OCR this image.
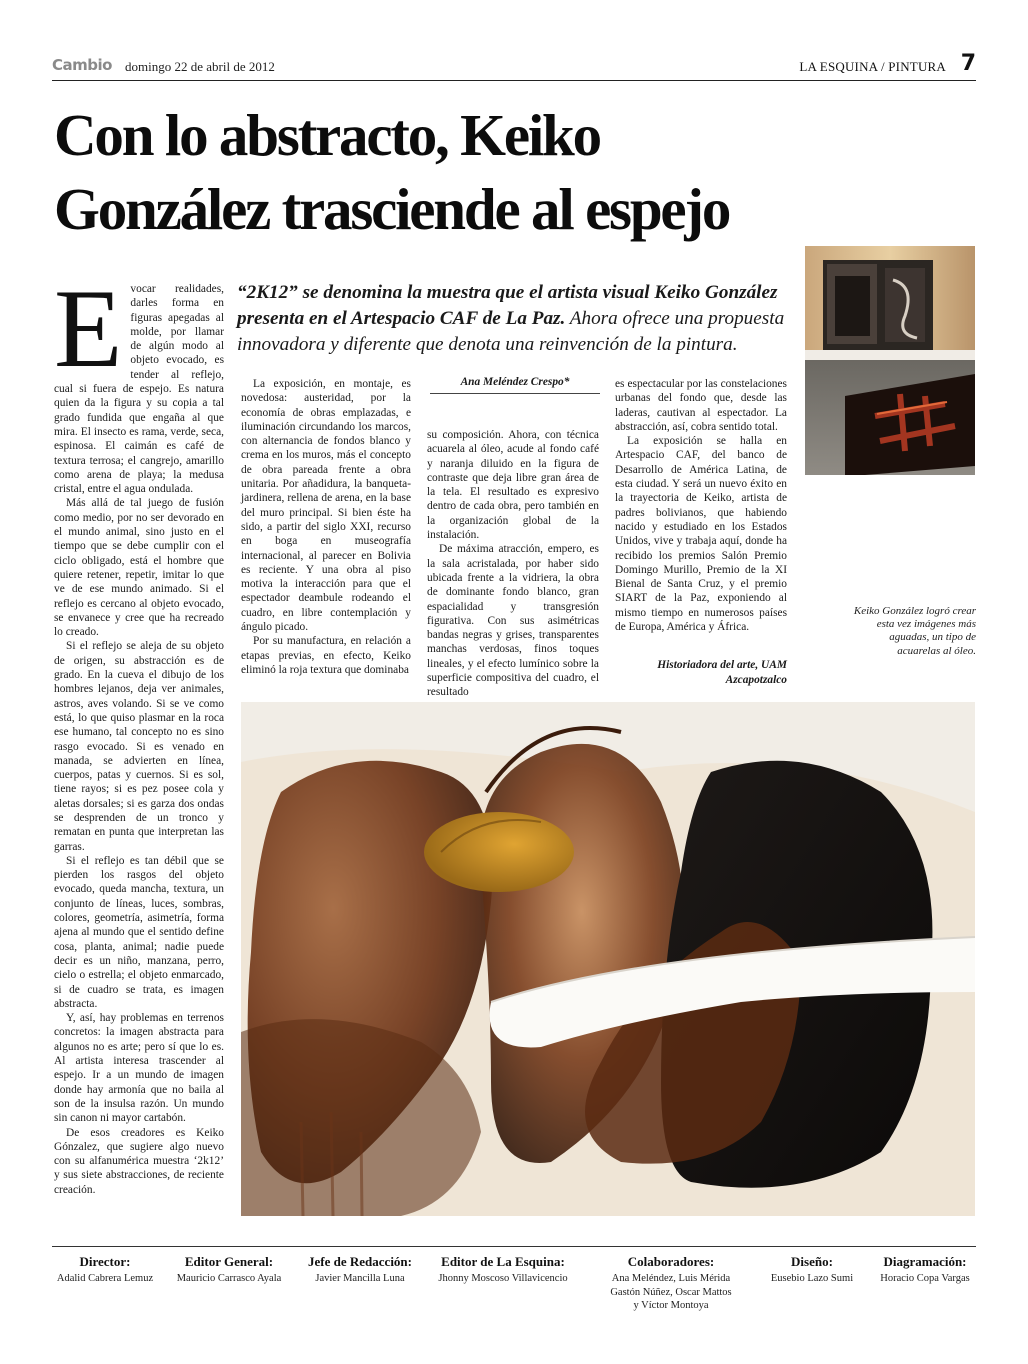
Cambio domingo 22 de abril de 2012	LA ESQUINA / PINTURA 7
Con lo abstracto, Keiko
González trasciende al espejo
“2K12” se denomina la muestra que el artista visual Keiko González presenta en el Artespacio CAF de La Paz. Ahora ofrece una propuesta innovadora y diferente que denota una reinvención de la pintura.

Evocar realidades, darles forma en figuras apegadas al molde, por llamar de algún modo al objeto evocado, es tender al reflejo, cual si fuera de espejo. Es natura quien da la figura y su copia a tal grado fundida que engaña al que mira. El insecto es rama, verde, seca, espinosa. El caimán es café de textura terrosa; el cangrejo, amarillo como arena de playa; la medusa cristal, entre el agua ondulada.

Más allá de tal juego de fusión como medio, por no ser devorado en el mundo animal, sino justo en el tiempo que se debe cumplir con el ciclo obligado, está el hombre que quiere retener, repetir, imitar lo que ve de ese mundo animado. Si el reflejo es cercano al objeto evocado, se envanece y cree que ha recreado lo creado.

Si el reflejo se aleja de su objeto de origen, su abstracción es de grado. En la cueva el dibujo de los hombres lejanos, deja ver animales, astros, aves volando. Si se ve como está, lo que quiso plasmar en la roca ese humano, tal concepto no es sino rasgo evocado. Si es venado en manada, se advierten en línea, cuerpos, patas y cuernos. Si es sol, tiene rayos; si es pez posee cola y aletas dorsales; si es garza dos ondas se desprenden de un tronco y rematan en punta que interpretan las garras.

Si el reflejo es tan débil que se pierden los rasgos del objeto evocado, queda mancha, textura, un conjunto de líneas, luces, sombras, colores, geometría, asimetría, forma ajena al mundo que el sentido define cosa, planta, animal; nadie puede decir es un niño, manzana, perro, cielo o estrella; el objeto enmarcado, si de cuadro se trata, es imagen abstracta.

Y, así, hay problemas en terrenos concretos: la imagen abstracta para algunos no es arte; pero sí que lo es. Al artista interesa trascender al espejo. Ir a un mundo de imagen donde hay armonía que no baila al son de la insulsa razón. Un mundo sin canon ni mayor cartabón.

De esos creadores es Keiko Gónzalez, que sugiere algo nuevo con su alfanumérica muestra ‘2k12’ y sus siete abstracciones, de reciente creación.

La exposición, en montaje, es novedosa: austeridad, por la economía de obras emplazadas, e iluminación circundando los marcos, con alternancia de fondos blanco y crema en los muros, más el concepto de obra pareada frente a obra unitaria. Por añadidura, la banqueta-jardinera, rellena de arena, en la base del muro principal. Si bien éste ha sido, a partir del siglo XXI, recurso en boga en museografía internacional, al parecer en Bolivia es reciente. Y una obra al piso motiva la interacción para que el espectador deambule rodeando el cuadro, en libre contemplación y ángulo picado.

Por su manufactura, en relación a etapas previas, en efecto, Keiko eliminó la roja textura que dominaba

Ana Meléndez Crespo*

su composición. Ahora, con técnica acuarela al óleo, acude al fondo café y naranja diluido en la figura de contraste que deja libre gran área de la tela. El resultado es expresivo dentro de cada obra, pero también en la organización global de la instalación.

De máxima atracción, empero, es la sala acristalada, por haber sido ubicada frente a la vidriera, la obra de dominante fondo blanco, gran espacialidad y transgresión figurativa. Con sus asimétricas bandas negras y grises, transparentes manchas verdosas, finos toques lineales, y el efecto lumínico sobre la superficie compositiva del cuadro, el resultado

es espectacular por las constelaciones urbanas del fondo que, desde las laderas, cautivan al espectador. La abstracción, así, cobra sentido total.

La exposición se halla en Artespacio CAF, del banco de Desarrollo de América Latina, de esta ciudad. Y será un nuevo éxito en la trayectoria de Keiko, artista de padres bolivianos, que habiendo nacido y estudiado en los Estados Unidos, vive y trabaja aquí, donde ha recibido los premios Salón Premio Domingo Murillo, Premio de la XI Bienal de Santa Cruz, y el premio SIART de la Paz, exponiendo al mismo tiempo en numerosos países de Europa, América y África.

Historiadora del arte, UAM
Azcapotzalco
Keiko González logró crear esta vez imágenes más aguadas, un tipo de acuarelas al óleo.
Director:
Adalid Cabrera Lemuz
Editor General:
Mauricio Carrasco Ayala
Jefe de Redacción:
Javier Mancilla Luna
Editor de La Esquina:
Jhonny Moscoso Villavicencio
Colaboradores:
Ana Meléndez, Luis Mérida
Gastón Núñez, Oscar Mattos
y Víctor Montoya
Diseño:
Eusebio Lazo Sumi
Diagramación:
Horacio Copa Vargas
